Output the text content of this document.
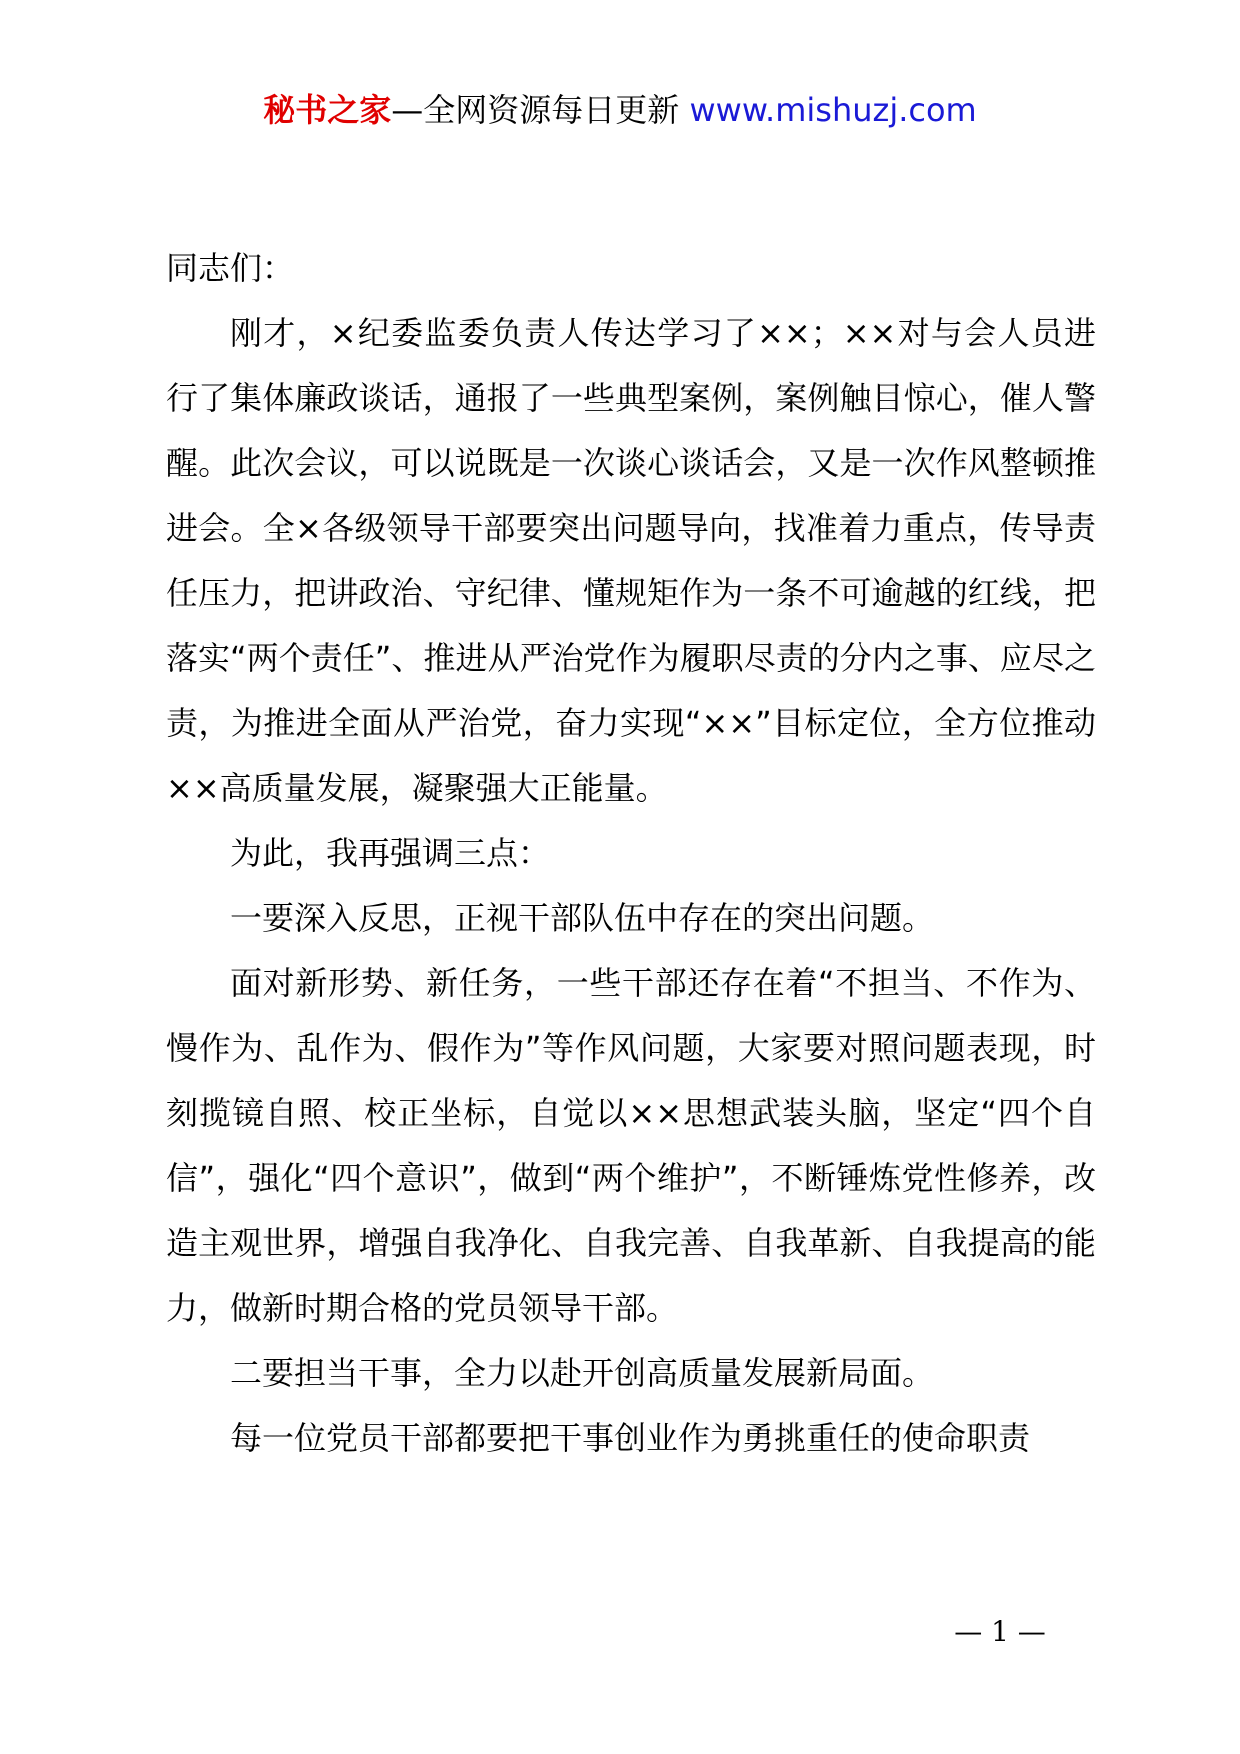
秘书之家—全网资源每日更新 www.mishuzj.com

同志们：

刚才，×纪委监委负责人传达学习了××；××对与会人员进行了集体廉政谈话，通报了一些典型案例，案例触目惊心，催人警醒。此次会议，可以说既是一次谈心谈话会，又是一次作风整顿推进会。全×各级领导干部要突出问题导向，找准着力重点，传导责任压力，把讲政治、守纪律、懂规矩作为一条不可逾越的红线，把落实“两个责任”、推进从严治党作为履职尽责的分内之事、应尽之责，为推进全面从严治党，奋力实现“××”目标定位，全方位推动××高质量发展，凝聚强大正能量。

为此，我再强调三点：

一要深入反思，正视干部队伍中存在的突出问题。

面对新形势、新任务，一些干部还存在着“不担当、不作为、慢作为、乱作为、假作为”等作风问题，大家要对照问题表现，时刻揽镜自照、校正坐标，自觉以××思想武装头脑，坚定“四个自信”，强化“四个意识”，做到“两个维护”，不断锤炼党性修养，改造主观世界，增强自我净化、自我完善、自我革新、自我提高的能力，做新时期合格的党员领导干部。

二要担当干事，全力以赴开创高质量发展新局面。

每一位党员干部都要把干事创业作为勇挑重任的使命职责

— 1 —
